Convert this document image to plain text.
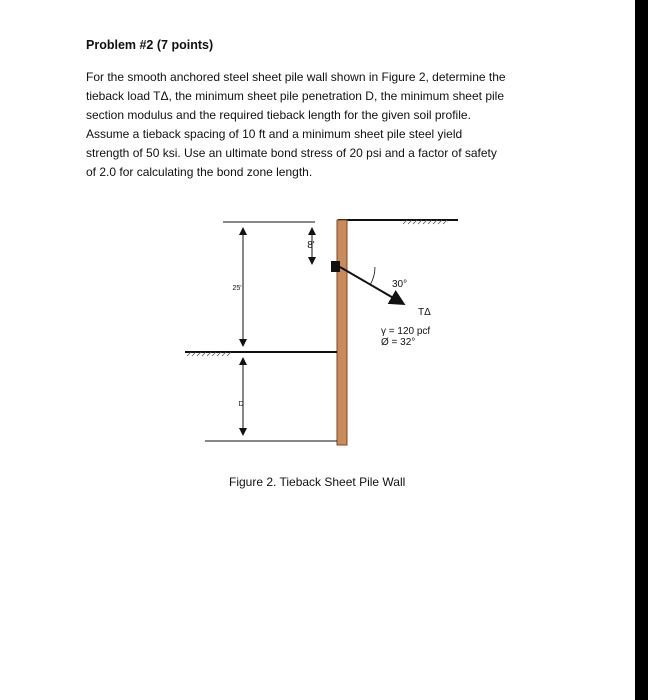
Problem #2 (7 points)
For the smooth anchored steel sheet pile wall shown in Figure 2, determine the
tieback load TΔ, the minimum sheet pile penetration D, the minimum sheet pile
section modulus and the required tieback length for the given soil profile.
Assume a tieback spacing of 10 ft and a minimum sheet pile steel yield
strength of 50 ksi. Use an ultimate bond stress of 20 psi and a factor of safety
of 2.0 for calculating the bond zone length.
25'
D
8'
30°
TΔ
γ = 120 pcf
Ø = 32°
Figure 2. Tieback Sheet Pile Wall
